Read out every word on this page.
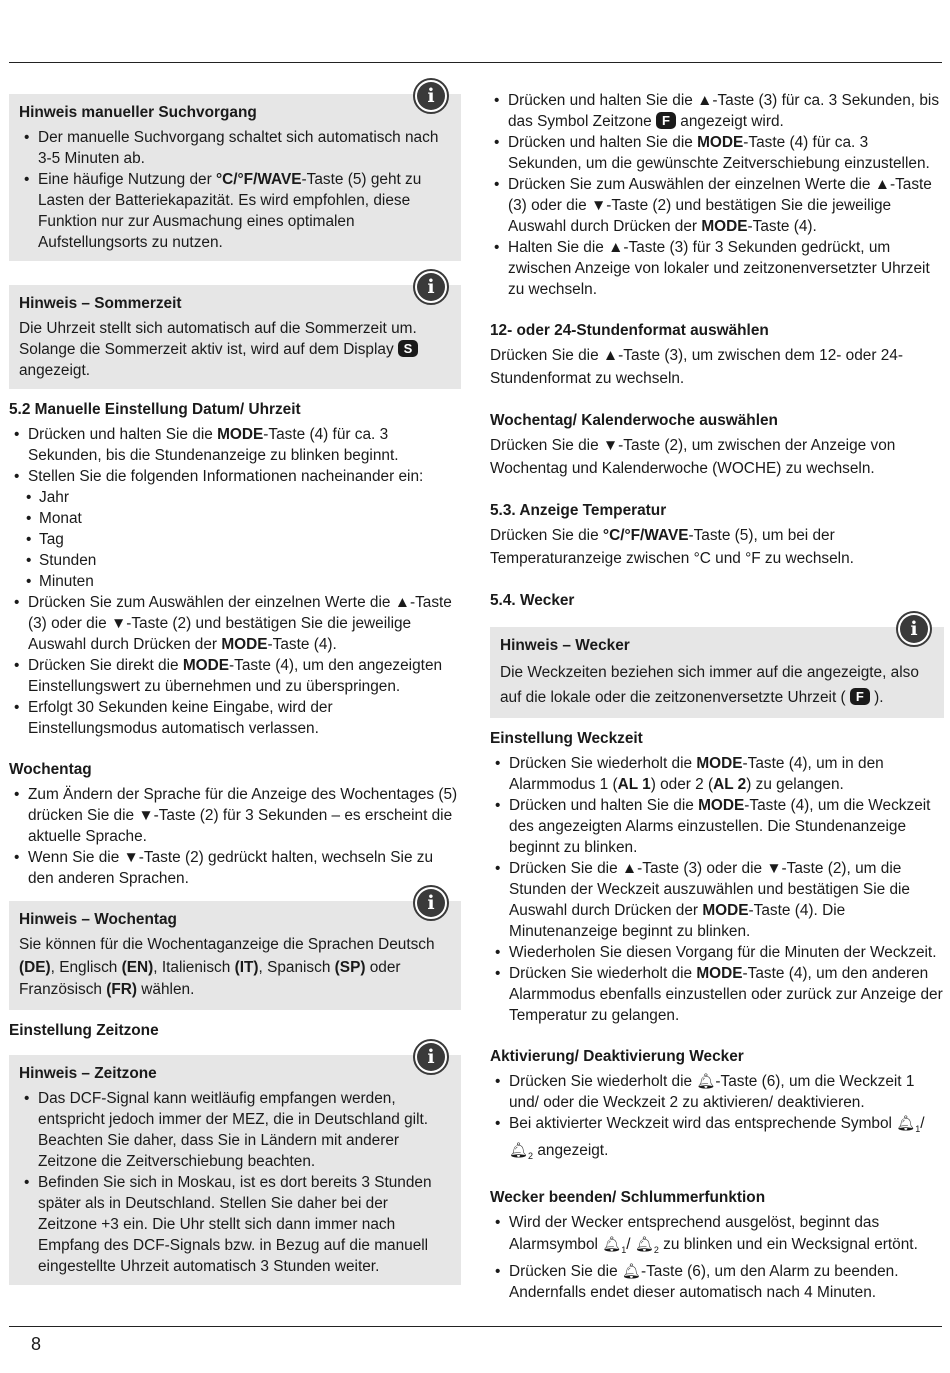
i
Hinweis manueller Suchvorgang
• Der manuelle Suchvorgang schaltet sich automatisch nach 3-5 Minuten ab.
• Eine häufige Nutzung der °C/°F/WAVE-Taste (5) geht zu Lasten der Batteriekapazität. Es wird empfohlen, diese Funktion nur zur Ausmachung eines optimalen Aufstellungsorts zu nutzen.
i
Hinweis – Sommerzeit

Die Uhrzeit stellt sich automatisch auf die Sommerzeit um. Solange die Sommerzeit aktiv ist, wird auf dem Display S angezeigt.

5.2 Manuelle Einstellung Datum/ Uhrzeit
• Drücken und halten Sie die MODE-Taste (4) für ca. 3 Sekunden, bis die Stundenanzeige zu blinken beginnt.
• Stellen Sie die folgenden Informationen nacheinander ein:
• Jahr
• Monat
• Tag
• Stunden
• Minuten
• Drücken Sie zum Auswählen der einzelnen Werte die ▲-Taste (3) oder die ▼-Taste (2) und bestätigen Sie die jeweilige Auswahl durch Drücken der MODE-Taste (4).
• Drücken Sie direkt die MODE-Taste (4), um den angezeigten Einstellungswert zu übernehmen und zu überspringen.
• Erfolgt 30 Sekunden keine Eingabe, wird der Einstellungsmodus automatisch verlassen.
Wochentag
• Zum Ändern der Sprache für die Anzeige des Wochentages (5) drücken Sie die ▼-Taste (2) für 3 Sekunden – es erscheint die aktuelle Sprache.
• Wenn Sie die ▼-Taste (2) gedrückt halten, wechseln Sie zu den anderen Sprachen.
i
Hinweis – Wochentag

Sie können für die Wochentaganzeige die Sprachen Deutsch (DE), Englisch (EN), Italienisch (IT), Spanisch (SP) oder Französisch (FR) wählen.

Einstellung Zeitzone
i
Hinweis – Zeitzone
• Das DCF-Signal kann weitläufig empfangen werden, entspricht jedoch immer der MEZ, die in Deutschland gilt. Beachten Sie daher, dass Sie in Ländern mit anderer Zeitzone die Zeitverschiebung beachten.
• Befinden Sie sich in Moskau, ist es dort bereits 3 Stunden später als in Deutschland. Stellen Sie daher bei der Zeitzone +3 ein. Die Uhr stellt sich dann immer nach Empfang des DCF-Signals bzw. in Bezug auf die manuell eingestellte Uhrzeit automatisch 3 Stunden weiter.
• Drücken und halten Sie die ▲-Taste (3) für ca. 3 Sekunden, bis das Symbol Zeitzone F angezeigt wird.
• Drücken und halten Sie die MODE-Taste (4) für ca. 3 Sekunden, um die gewünschte Zeitverschiebung einzustellen.
• Drücken Sie zum Auswählen der einzelnen Werte die ▲-Taste (3) oder die ▼-Taste (2) und bestätigen Sie die jeweilige Auswahl durch Drücken der MODE-Taste (4).
• Halten Sie die ▲-Taste (3) für 3 Sekunden gedrückt, um zwischen Anzeige von lokaler und zeitzonenversetzter Uhrzeit zu wechseln.
12- oder 24-Stundenformat auswählen

Drücken Sie die ▲-Taste (3), um zwischen dem 12- oder 24-Stundenformat zu wechseln.

Wochentag/ Kalenderwoche auswählen

Drücken Sie die ▼-Taste (2), um zwischen der Anzeige von Wochentag und Kalenderwoche (WOCHE) zu wechseln.

5.3. Anzeige Temperatur

Drücken Sie die °C/°F/WAVE-Taste (5), um bei der Temperaturanzeige zwischen °C und °F zu wechseln.

5.4. Wecker
i
Hinweis – Wecker

Die Weckzeiten beziehen sich immer auf die angezeigte, also auf die lokale oder die zeitzonenversetzte Uhrzeit ( F ).

Einstellung Weckzeit
• Drücken Sie wiederholt die MODE-Taste (4), um in den Alarmmodus 1 (AL 1) oder 2 (AL 2) zu gelangen.
• Drücken und halten Sie die MODE-Taste (4), um die Weckzeit des angezeigten Alarms einzustellen. Die Stundenanzeige beginnt zu blinken.
• Drücken Sie die ▲-Taste (3) oder die ▼-Taste (2), um die Stunden der Weckzeit auszuwählen und bestätigen Sie die Auswahl durch Drücken der MODE-Taste (4). Die Minutenanzeige beginnt zu blinken.
• Wiederholen Sie diesen Vorgang für die Minuten der Weckzeit.
• Drücken Sie wiederholt die MODE-Taste (4), um den anderen Alarmmodus ebenfalls einzustellen oder zurück zur Anzeige der Temperatur zu gelangen.
Aktivierung/ Deaktivierung Wecker
• Drücken Sie wiederholt die 🔔︎-Taste (6), um die Weckzeit 1 und/ oder die Weckzeit 2 zu aktivieren/ deaktivieren.
• Bei aktivierter Weckzeit wird das entsprechende Symbol $🔔︎_1/$ $🔔︎_2$ angezeigt.
Wecker beenden/ Schlummerfunktion
• Wird der Wecker entsprechend ausgelöst, beginnt das Alarmsymbol $🔔︎_1/$ $🔔︎_2$ zu blinken und ein Wecksignal ertönt.
• Drücken Sie die 🔔︎-Taste (6), um den Alarm zu beenden. Andernfalls endet dieser automatisch nach 4 Minuten.
8
